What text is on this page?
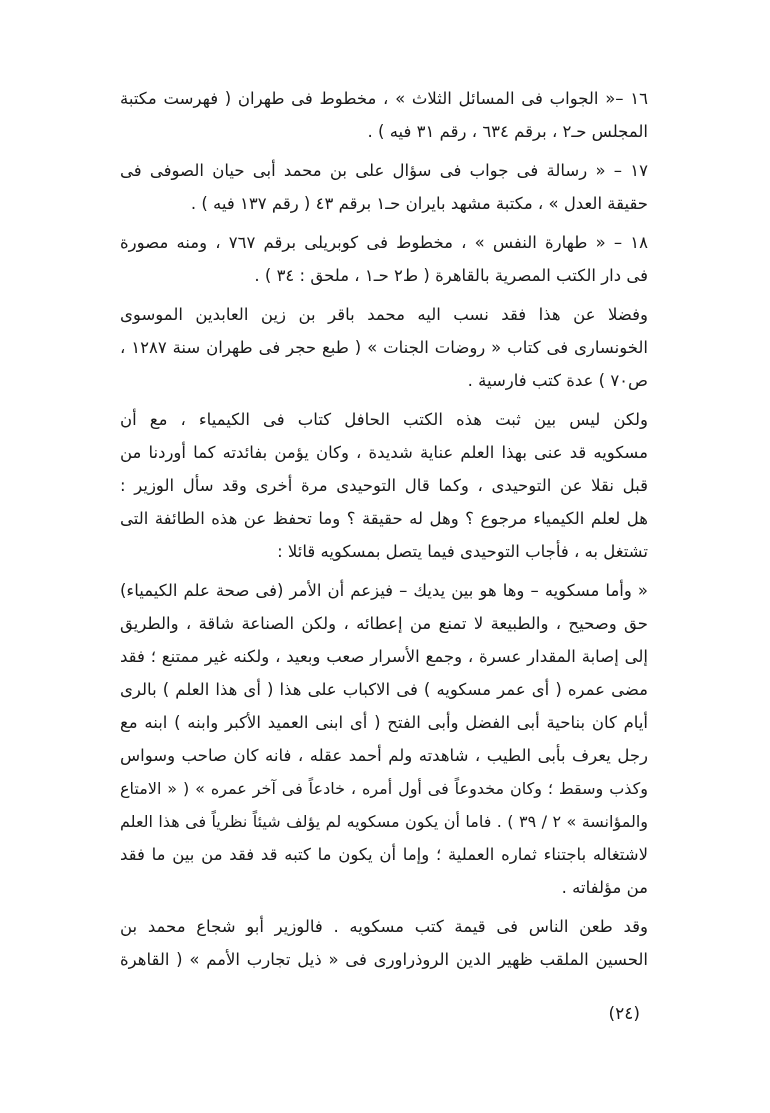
١٦ –« الجواب فى المسائل الثلاث » ، مخطوط فى طهران ( فهرست مكتبة
المجلس حـ٢ ، برقم ٦٣٤ ، رقم ٣١ فيه ) .
١٧ – « رسالة فى جواب فى سؤال على بن محمد أبى حيان الصوفى فى
حقيقة العدل » ، مكتبة مشهد بايران حـ١ برقم ٤٣ ( رقم ١٣٧ فيه ) .
١٨ – « طهارة النفس » ، مخطوط فى كوبريلى برقم ٧٦٧ ، ومنه مصورة
فى دار الكتب المصرية بالقاهرة ( ط٢ حـ١ ، ملحق : ٣٤ ) .
وفضلا عن هذا فقد نسب اليه محمد باقر بن زين العابدين الموسوى
الخونسارى فى كتاب « روضات الجنات » ( طبع حجر فى طهران سنة ١٢٨٧ ،
ص٧٠ ) عدة كتب فارسية .
ولكن ليس بين ثبت هذه الكتب الحافل كتاب فى الكيمياء ، مع أن
مسكويه قد عنى بهذا العلم عناية شديدة ، وكان يؤمن بفائدته كما أوردنا من
قبل نقلا عن التوحيدى ، وكما قال التوحيدى مرة أخرى وقد سأل الوزير :
هل لعلم الكيمياء مرجوع ؟ وهل له حقيقة ؟ وما تحفظ عن هذه الطائفة التى
تشتغل به ، فأجاب التوحيدى فيما يتصل بمسكويه قائلا :
« وأما مسكويه – وها هو بين يديك – فيزعم أن الأمر (فى صحة علم الكيمياء)
حق وصحيح ، والطبيعة لا تمنع من إعطائه ، ولكن الصناعة شاقة ، والطريق
إلى إصابة المقدار عسرة ، وجمع الأسرار صعب وبعيد ، ولكنه غير ممتنع ؛ فقد
مضى عمره ( أى عمر مسكويه ) فى الاكباب على هذا ( أى هذا العلم ) بالرى
أيام كان بناحية أبى الفضل وأبى الفتح ( أى ابنى العميد الأكبر وابنه ) ابنه مع
رجل يعرف بأبى الطيب ، شاهدته ولم أحمد عقله ، فانه كان صاحب وسواس
وكذب وسقط ؛ وكان مخدوعاً فى أول أمره ، خادعاً فى آخر عمره » ( « الامتاع
والمؤانسة » ٢ / ٣٩ ) . فاما أن يكون مسكويه لم يؤلف شيئاً نظرياً فى هذا العلم
لاشتغاله باجتناء ثماره العملية ؛ وإما أن يكون ما كتبه قد فقد من بين ما فقد
من مؤلفاته .
وقد طعن الناس فى قيمة كتب مسكويه . فالوزير أبو شجاع محمد بن
الحسين الملقب ظهير الدين الروذراورى فى « ذيل تجارب الأمم » ( القاهرة
(٢٤)
